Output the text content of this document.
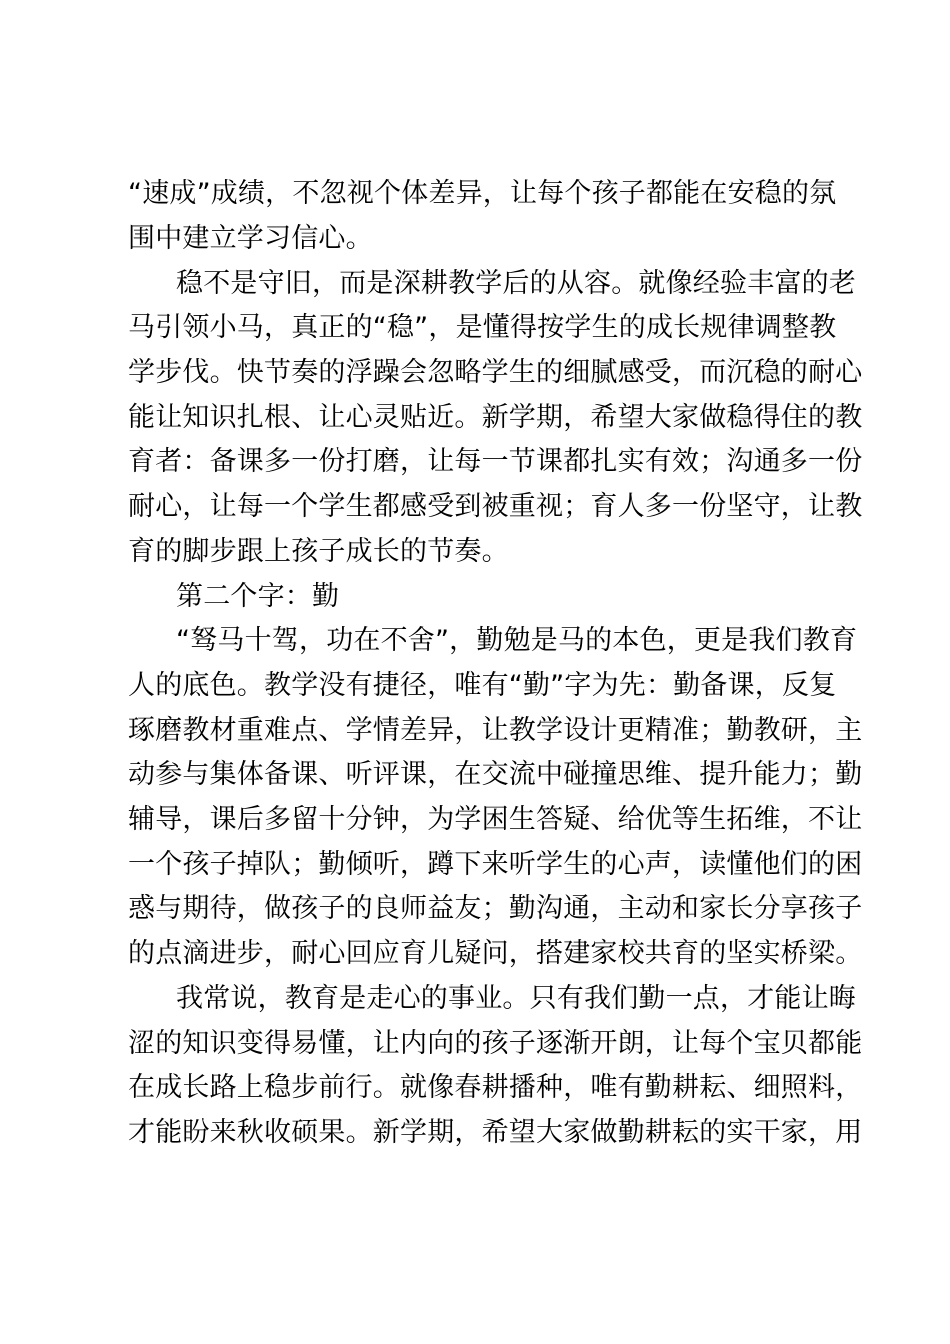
“速成”成绩，不忽视个体差异，让每个孩子都能在安稳的氛
围中建立学习信心。
稳不是守旧，而是深耕教学后的从容。就像经验丰富的老
马引领小马，真正的“稳”，是懂得按学生的成长规律调整教
学步伐。快节奏的浮躁会忽略学生的细腻感受，而沉稳的耐心
能让知识扎根、让心灵贴近。新学期，希望大家做稳得住的教
育者：备课多一份打磨，让每一节课都扎实有效；沟通多一份
耐心，让每一个学生都感受到被重视；育人多一份坚守，让教
育的脚步跟上孩子成长的节奏。
第二个字：勤
“驽马十驾，功在不舍”，勤勉是马的本色，更是我们教育
人的底色。教学没有捷径，唯有“勤”字为先：勤备课，反复
琢磨教材重难点、学情差异，让教学设计更精准；勤教研，主
动参与集体备课、听评课，在交流中碰撞思维、提升能力；勤
辅导，课后多留十分钟，为学困生答疑、给优等生拓维，不让
一个孩子掉队；勤倾听，蹲下来听学生的心声，读懂他们的困
惑与期待，做孩子的良师益友；勤沟通，主动和家长分享孩子
的点滴进步，耐心回应育儿疑问，搭建家校共育的坚实桥梁。
我常说，教育是走心的事业。只有我们勤一点，才能让晦
涩的知识变得易懂，让内向的孩子逐渐开朗，让每个宝贝都能
在成长路上稳步前行。就像春耕播种，唯有勤耕耘、细照料，
才能盼来秋收硕果。新学期，希望大家做勤耕耘的实干家，用
